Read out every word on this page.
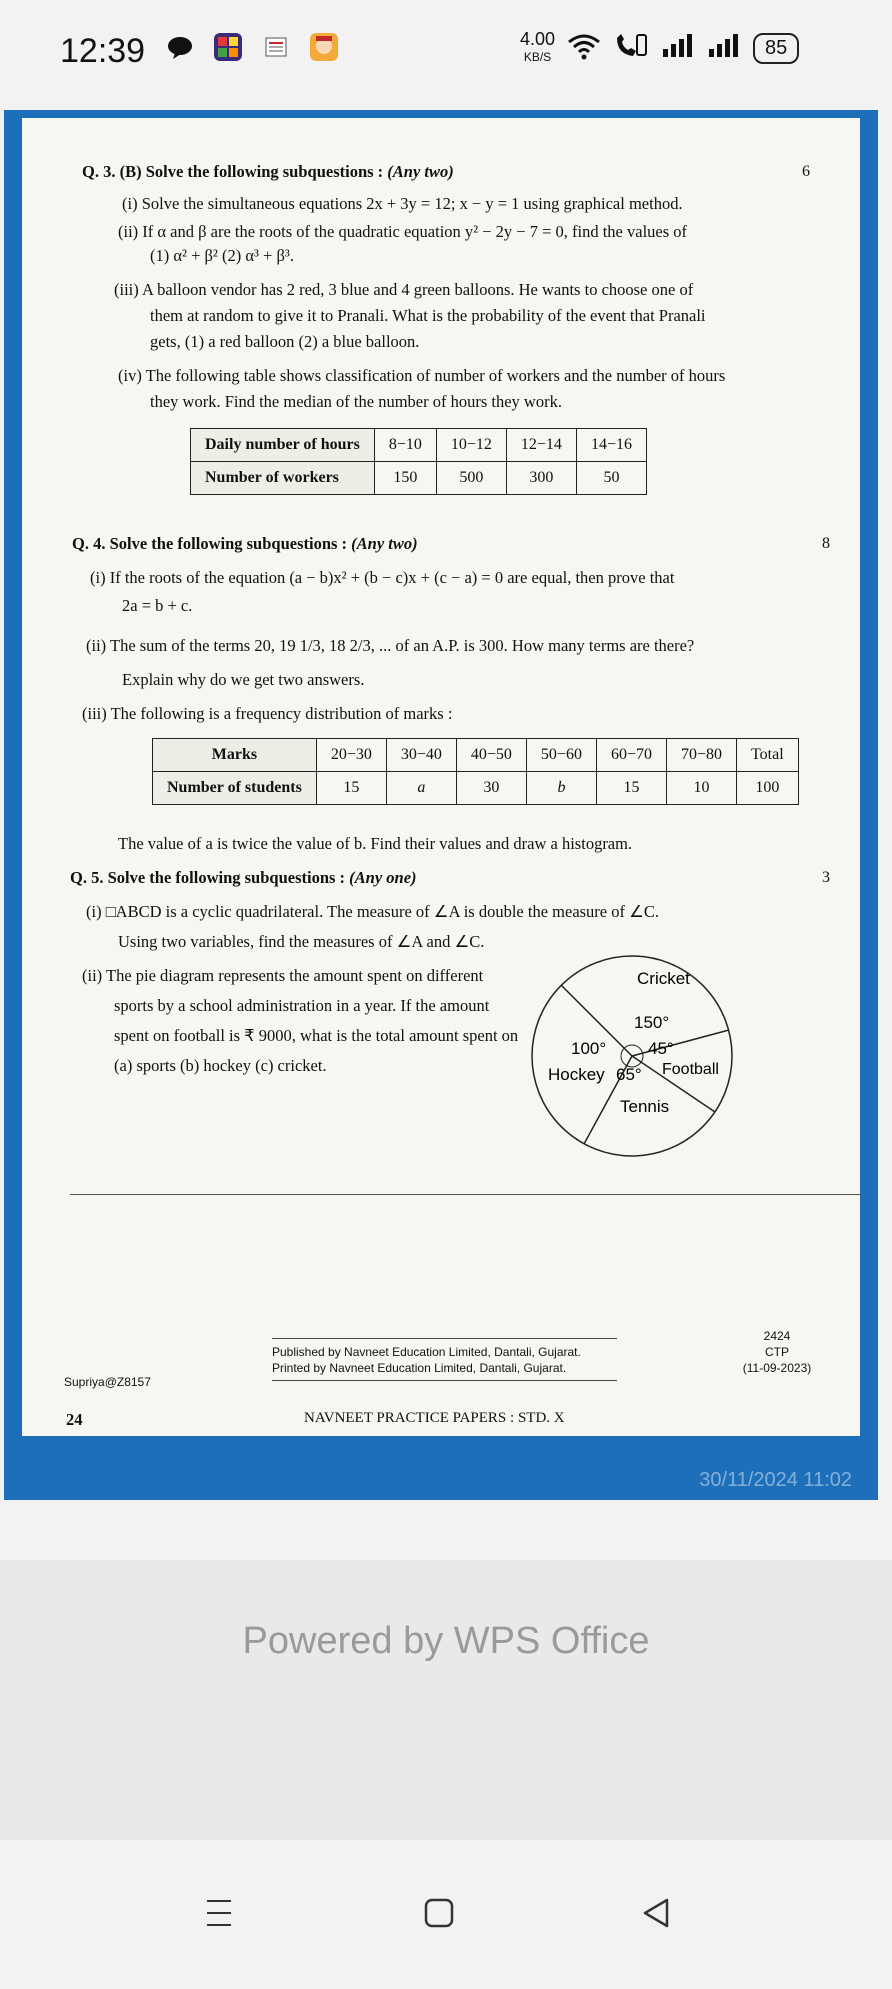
12:39	4.00
KB/S	85
Q. 3. (B) Solve the following subquestions : (Any two)	6
(i) Solve the simultaneous equations 2x + 3y = 12; x − y = 1 using graphical method.
(ii) If α and β are the roots of the quadratic equation y² − 2y − 7 = 0, find the values of
(1) α² + β² (2) α³ + β³.
(iii) A balloon vendor has 2 red, 3 blue and 4 green balloons. He wants to choose one of
them at random to give it to Pranali. What is the probability of the event that Pranali
gets, (1) a red balloon (2) a blue balloon.
(iv) The following table shows classification of number of workers and the number of hours
they work. Find the median of the number of hours they work.
Daily number of hours	8−10	10−12	12−14	14−16
Number of workers	150	500	300	50
Q. 4. Solve the following subquestions : (Any two)	8
(i) If the roots of the equation (a − b)x² + (b − c)x + (c − a) = 0 are equal, then prove that
2a = b + c.
(ii) The sum of the terms 20, 19 1/3, 18 2/3, ... of an A.P. is 300. How many terms are there?
Explain why do we get two answers.
(iii) The following is a frequency distribution of marks :
Marks	20−30	30−40	40−50	50−60	60−70	70−80	Total
Number of students	15	a	30	b	15	10	100
The value of a is twice the value of b. Find their values and draw a histogram.
Q. 5. Solve the following subquestions : (Any one)	3
(i) □ABCD is a cyclic quadrilateral. The measure of ∠A is double the measure of ∠C.
Using two variables, find the measures of ∠A and ∠C.
(ii) The pie diagram represents the amount spent on different
sports by a school administration in a year. If the amount
spent on football is ₹ 9000, what is the total amount spent on
(a) sports (b) hockey (c) cricket.
Cricket
150°
100°
Hockey
45°
Football
65°
Tennis
Supriya@Z8157
Published by Navneet Education Limited, Dantali, Gujarat.
Printed by Navneet Education Limited, Dantali, Gujarat.
2424
CTP
(11-09-2023)
24	NAVNEET PRACTICE PAPERS : STD. X
30/11/2024 11:02
Powered by WPS Office
